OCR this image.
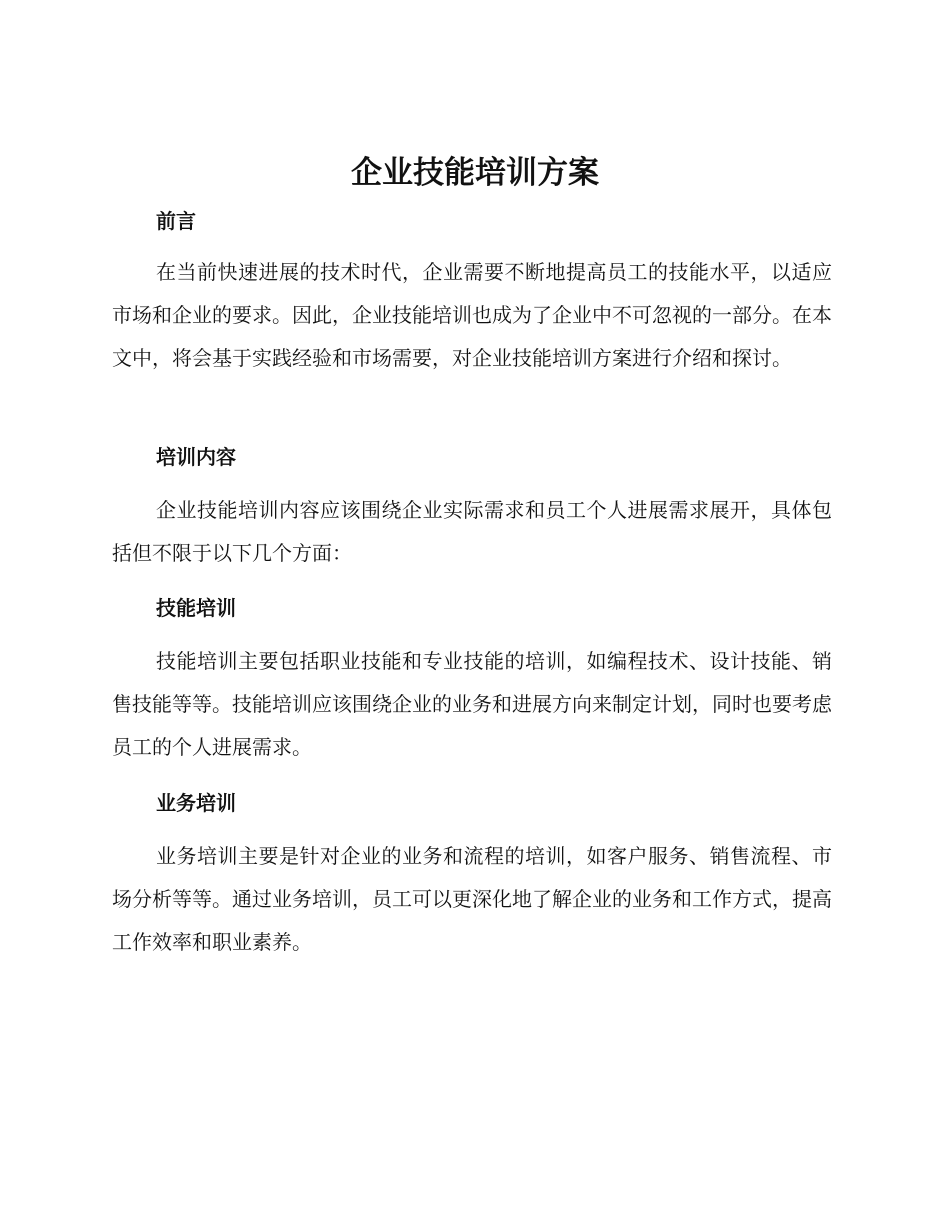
企业技能培训方案
前言

在当前快速进展的技术时代，企业需要不断地提高员工的技能水平，以适应市场和企业的要求。因此，企业技能培训也成为了企业中不可忽视的一部分。在本文中，将会基于实践经验和市场需要，对企业技能培训方案进行介绍和探讨。

培训内容

企业技能培训内容应该围绕企业实际需求和员工个人进展需求展开，具体包括但不限于以下几个方面：

技能培训

技能培训主要包括职业技能和专业技能的培训，如编程技术、设计技能、销售技能等等。技能培训应该围绕企业的业务和进展方向来制定计划，同时也要考虑员工的个人进展需求。

业务培训

业务培训主要是针对企业的业务和流程的培训，如客户服务、销售流程、市场分析等等。通过业务培训，员工可以更深化地了解企业的业务和工作方式，提高工作效率和职业素养。
